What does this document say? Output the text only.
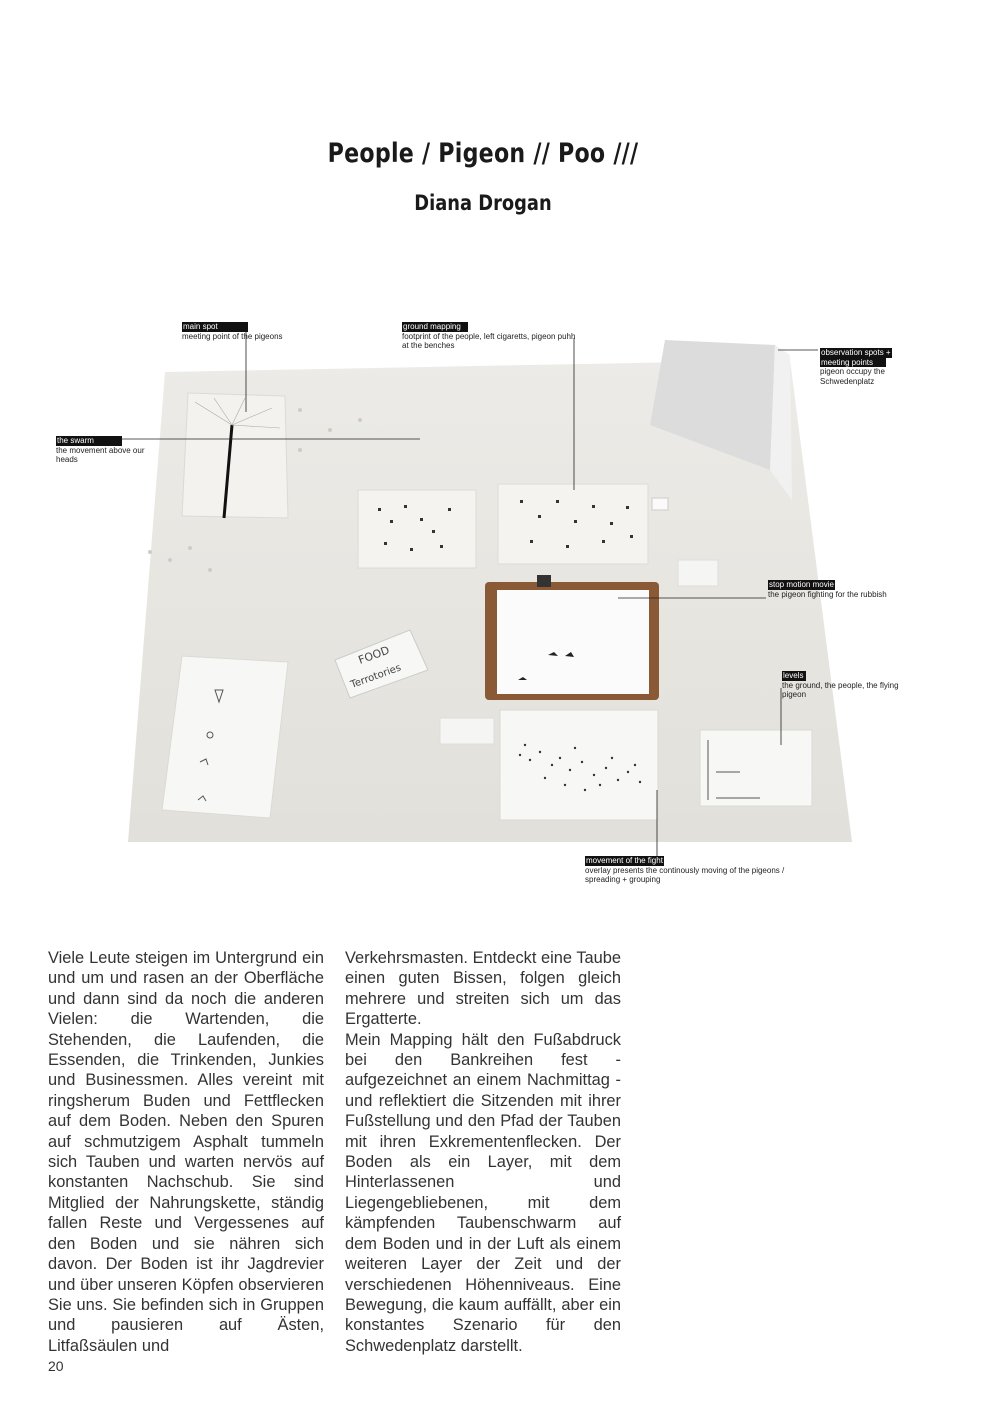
People / Pigeon // Poo ///
Diana Drogan
FOOD
Terrotories
main spot
meeting point of the pigeons
ground mapping
footprint of the people, left cigaretts, pigeon puhh
at the benches
observation spots +
meeting points
pigeon occupy the
Schwedenplatz
the swarm
the movement above our
heads
stop motion movie
the pigeon fighting for the rubbish
levels
the ground, the people, the flying
pigeon
movement of the fight
overlay presents the continously moving of the pigeons /
spreading + grouping

Viele Leute steigen im Untergrund ein und um und rasen an der Oberfläche und dann sind da noch die anderen Vielen: die Wartenden, die Stehenden, die Laufenden, die Essenden, die Trinkenden, Junkies und Businessmen. Alles vereint mit ringsherum Buden und Fettflecken auf dem Boden. Neben den Spuren auf schmutzigem Asphalt tummeln sich Tauben und warten nervös auf konstanten Nachschub. Sie sind Mitglied der Nahrungskette, ständig fallen Reste und Vergessenes auf den Boden und sie nähren sich davon. Der Boden ist ihr Jagdrevier und über unseren Köpfen observieren Sie uns. Sie befinden sich in Gruppen und pausieren auf Ästen, Litfaßsäulen und

Verkehrsmasten. Entdeckt eine Taube einen guten Bissen, folgen gleich mehrere und streiten sich um das Ergatterte.

Mein Mapping hält den Fußabdruck bei den Bankreihen fest - aufgezeichnet an einem Nachmittag - und reflektiert die Sitzenden mit ihrer Fußstellung und den Pfad der Tauben mit ihren Exkrementenflecken. Der Boden als ein Layer, mit dem Hinterlassenen und Liegengebliebenen, mit dem kämpfenden Taubenschwarm auf dem Boden und in der Luft als einem weiteren Layer der Zeit und der verschiedenen Höhenniveaus. Eine Bewegung, die kaum auffällt, aber ein konstantes Szenario für den Schwedenplatz darstellt.

20
